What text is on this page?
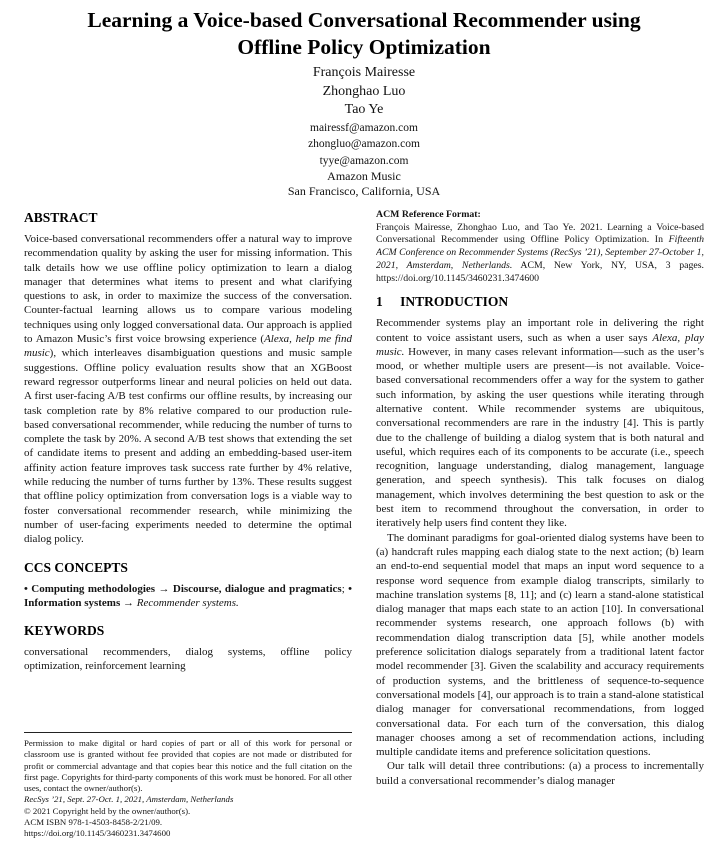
Learning a Voice-based Conversational Recommender using Offline Policy Optimization
François Mairesse
Zhonghao Luo
Tao Ye
mairessf@amazon.com
zhongluo@amazon.com
tyye@amazon.com
Amazon Music
San Francisco, California, USA
ABSTRACT

Voice-based conversational recommenders offer a natural way to improve recommendation quality by asking the user for missing information. This talk details how we use offline policy optimization to learn a dialog manager that determines what items to present and what clarifying questions to ask, in order to maximize the success of the conversation. Counter-factual learning allows us to compare various modeling techniques using only logged conversational data. Our approach is applied to Amazon Music’s first voice browsing experience (Alexa, help me find music), which interleaves disambiguation questions and music sample suggestions. Offline policy evaluation results show that an XGBoost reward regressor outperforms linear and neural policies on held out data. A first user-facing A/B test confirms our offline results, by increasing our task completion rate by 8% relative compared to our production rule-based conversational recommender, while reducing the number of turns to complete the task by 20%. A second A/B test shows that extending the set of candidate items to present and adding an embedding-based user-item affinity action feature improves task success rate further by 4% relative, while reducing the number of turns further by 13%. These results suggest that offline policy optimization from conversation logs is a viable way to foster conversational recommender research, while minimizing the number of user-facing experiments needed to determine the optimal dialog policy.

CCS CONCEPTS

• Computing methodologies → Discourse, dialogue and pragmatics; • Information systems → Recommender systems.

KEYWORDS

conversational recommenders, dialog systems, offline policy optimization, reinforcement learning

Permission to make digital or hard copies of part or all of this work for personal or classroom use is granted without fee provided that copies are not made or distributed for profit or commercial advantage and that copies bear this notice and the full citation on the first page. Copyrights for third-party components of this work must be honored. For all other uses, contact the owner/author(s).

RecSys ’21, Sept. 27-Oct. 1, 2021, Amsterdam, Netherlands
© 2021 Copyright held by the owner/author(s).
ACM ISBN 978-1-4503-8458-2/21/09.
https://doi.org/10.1145/3460231.3474600
ACM Reference Format:

François Mairesse, Zhonghao Luo, and Tao Ye. 2021. Learning a Voice-based Conversational Recommender using Offline Policy Optimization. In Fifteenth ACM Conference on Recommender Systems (RecSys ’21), September 27-October 1, 2021, Amsterdam, Netherlands. ACM, New York, NY, USA, 3 pages. https://doi.org/10.1145/3460231.3474600

1 INTRODUCTION

Recommender systems play an important role in delivering the right content to voice assistant users, such as when a user says Alexa, play music. However, in many cases relevant information—such as the user’s mood, or whether multiple users are present—is not available. Voice-based conversational recommenders offer a way for the system to gather such information, by asking the user questions while iterating through alternative content. While recommender systems are ubiquitous, conversational recommenders are rare in the industry [4]. This is partly due to the challenge of building a dialog system that is both natural and useful, which requires each of its components to be accurate (i.e., speech recognition, language understanding, dialog management, language generation, and speech synthesis). This talk focuses on dialog management, which involves determining the best question to ask or the best item to recommend throughout the conversation, in order to iteratively help users find content they like.

The dominant paradigms for goal-oriented dialog systems have been to (a) handcraft rules mapping each dialog state to the next action; (b) learn an end-to-end sequential model that maps an input word sequence to a response word sequence from example dialog transcripts, similarly to machine translation systems [8, 11]; and (c) learn a stand-alone statistical dialog manager that maps each state to an action [10]. In conversational recommender systems research, one approach follows (b) with recommendation dialog transcription data [5], while another models preference solicitation dialogs separately from a traditional latent factor model recommender [3]. Given the scalability and accuracy requirements of production systems, and the brittleness of sequence-to-sequence conversational models [4], our approach is to train a stand-alone statistical dialog manager for conversational recommendations, from logged conversational data. For each turn of the conversation, this dialog manager chooses among a set of recommendation actions, including multiple candidate items and preference solicitation questions.

Our talk will detail three contributions: (a) a process to incrementally build a conversational recommender’s dialog manager
